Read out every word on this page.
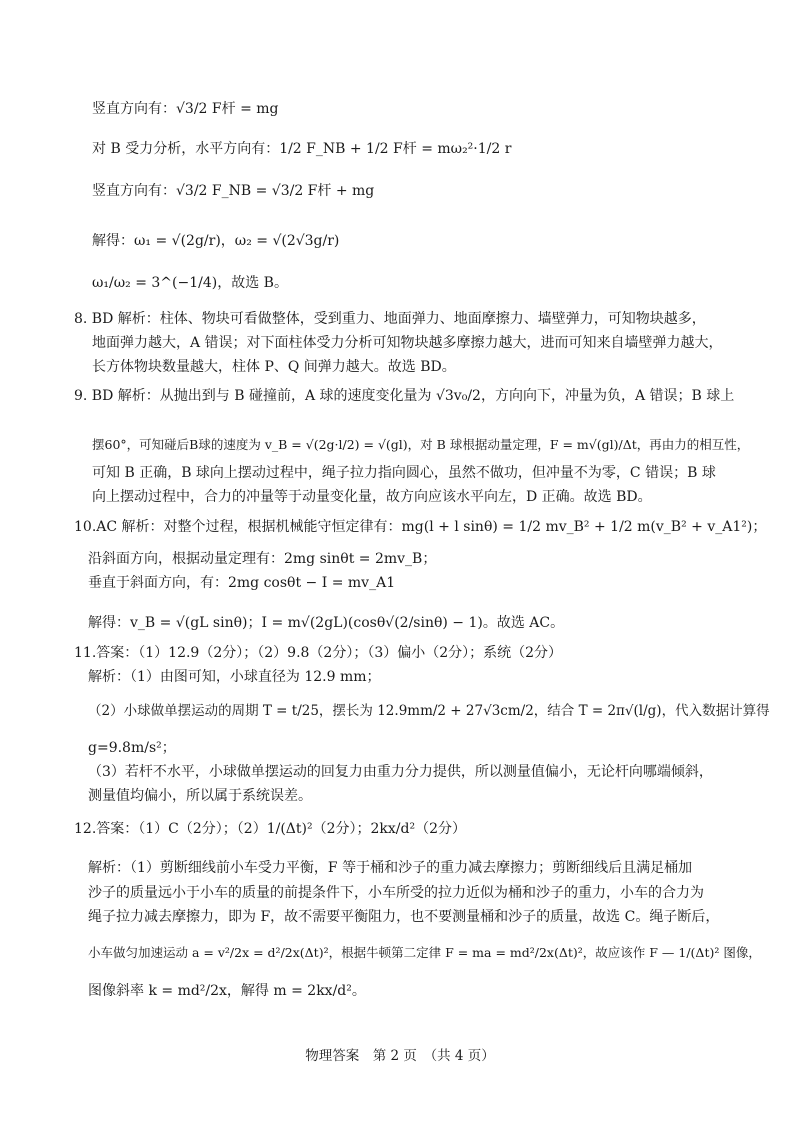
竖直方向有：√3/2 F杆 = mg
对 B 受力分析，水平方向有：1/2 F_NB + 1/2 F杆 = mω₂²·1/2 r
竖直方向有：√3/2 F_NB = √3/2 F杆 + mg
解得：ω₁ = √(2g/r)，ω₂ = √(2√3g/r)
ω₁/ω₂ = 3^(−1/4)，故选 B。
8. BD 解析：柱体、物块可看做整体，受到重力、地面弹力、地面摩擦力、墙壁弹力，可知物块越多，
地面弹力越大，A 错误；对下面柱体受力分析可知物块越多摩擦力越大，进而可知来自墙壁弹力越大，
长方体物块数量越大，柱体 P、Q 间弹力越大。故选 BD。
9. BD 解析：从抛出到与 B 碰撞前，A 球的速度变化量为 √3v₀/2，方向向下，冲量为负，A 错误；B 球上
摆60°，可知碰后B球的速度为 v_B = √(2g·l/2) = √(gl)，对 B 球根据动量定理，F = m√(gl)/Δt，再由力的相互性，
可知 B 正确，B 球向上摆动过程中，绳子拉力指向圆心，虽然不做功，但冲量不为零，C 错误；B 球
向上摆动过程中，合力的冲量等于动量变化量，故方向应该水平向左，D 正确。故选 BD。
10.AC 解析：对整个过程，根据机械能守恒定律有：mg(l + l sinθ) = 1/2 mv_B² + 1/2 m(v_B² + v_A1²)；
沿斜面方向，根据动量定理有：2mg sinθt = 2mv_B；
垂直于斜面方向，有：2mg cosθt − I = mv_A1
解得：v_B = √(gL sinθ)；I = m√(2gL)(cosθ√(2/sinθ) − 1)。故选 AC。
11.答案：（1）12.9（2分）；（2）9.8（2分）；（3）偏小（2分）；系统（2分）
解析：（1）由图可知，小球直径为 12.9 mm；
（2）小球做单摆运动的周期 T = t/25，摆长为 12.9mm/2 + 27√3cm/2，结合 T = 2π√(l/g)，代入数据计算得
g=9.8m/s²；
（3）若杆不水平，小球做单摆运动的回复力由重力分力提供，所以测量值偏小，无论杆向哪端倾斜，
测量值均偏小，所以属于系统误差。
12.答案：（1）C（2分）；（2）1/(Δt)²（2分）；2kx/d²（2分）
解析：（1）剪断细线前小车受力平衡，F 等于桶和沙子的重力减去摩擦力；剪断细线后且满足桶加
沙子的质量远小于小车的质量的前提条件下，小车所受的拉力近似为桶和沙子的重力，小车的合力为
绳子拉力减去摩擦力，即为 F，故不需要平衡阻力，也不要测量桶和沙子的质量，故选 C。绳子断后，
小车做匀加速运动 a = v²/2x = d²/2x(Δt)²，根据牛顿第二定律 F = ma = md²/2x(Δt)²，故应该作 F — 1/(Δt)² 图像，
图像斜率 k = md²/2x，解得 m = 2kx/d²。
物理答案　第 2 页　（共 4 页）
